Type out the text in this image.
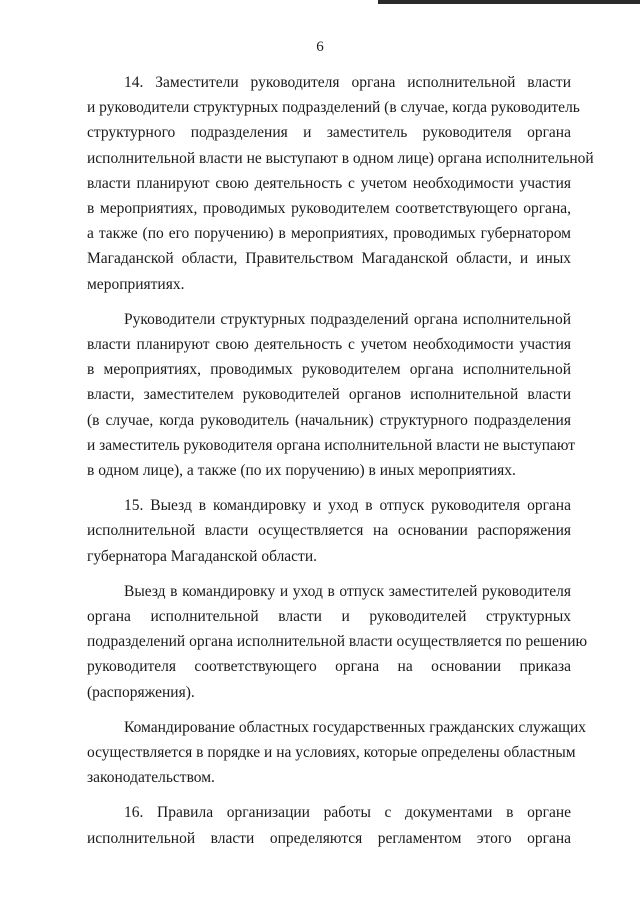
6

14. Заместители руководителя органа исполнительной власти
и руководители структурных подразделений (в случае, когда руководитель
структурного подразделения и заместитель руководителя органа
исполнительной власти не выступают в одном лице) органа исполнительной
власти планируют свою деятельность с учетом необходимости участия
в мероприятиях, проводимых руководителем соответствующего органа,
а также (по его поручению) в мероприятиях, проводимых губернатором
Магаданской области, Правительством Магаданской области, и иных
мероприятиях.

Руководители структурных подразделений органа исполнительной
власти планируют свою деятельность с учетом необходимости участия
в мероприятиях, проводимых руководителем органа исполнительной
власти, заместителем руководителей органов исполнительной власти
(в случае, когда руководитель (начальник) структурного подразделения
и заместитель руководителя органа исполнительной власти не выступают
в одном лице), а также (по их поручению) в иных мероприятиях.

15. Выезд в командировку и уход в отпуск руководителя органа
исполнительной власти осуществляется на основании распоряжения
губернатора Магаданской области.

Выезд в командировку и уход в отпуск заместителей руководителя
органа исполнительной власти и руководителей структурных
подразделений органа исполнительной власти осуществляется по решению
руководителя соответствующего органа на основании приказа
(распоряжения).

Командирование областных государственных гражданских служащих
осуществляется в порядке и на условиях, которые определены областным
законодательством.

16. Правила организации работы с документами в органе
исполнительной власти определяются регламентом этого органа
